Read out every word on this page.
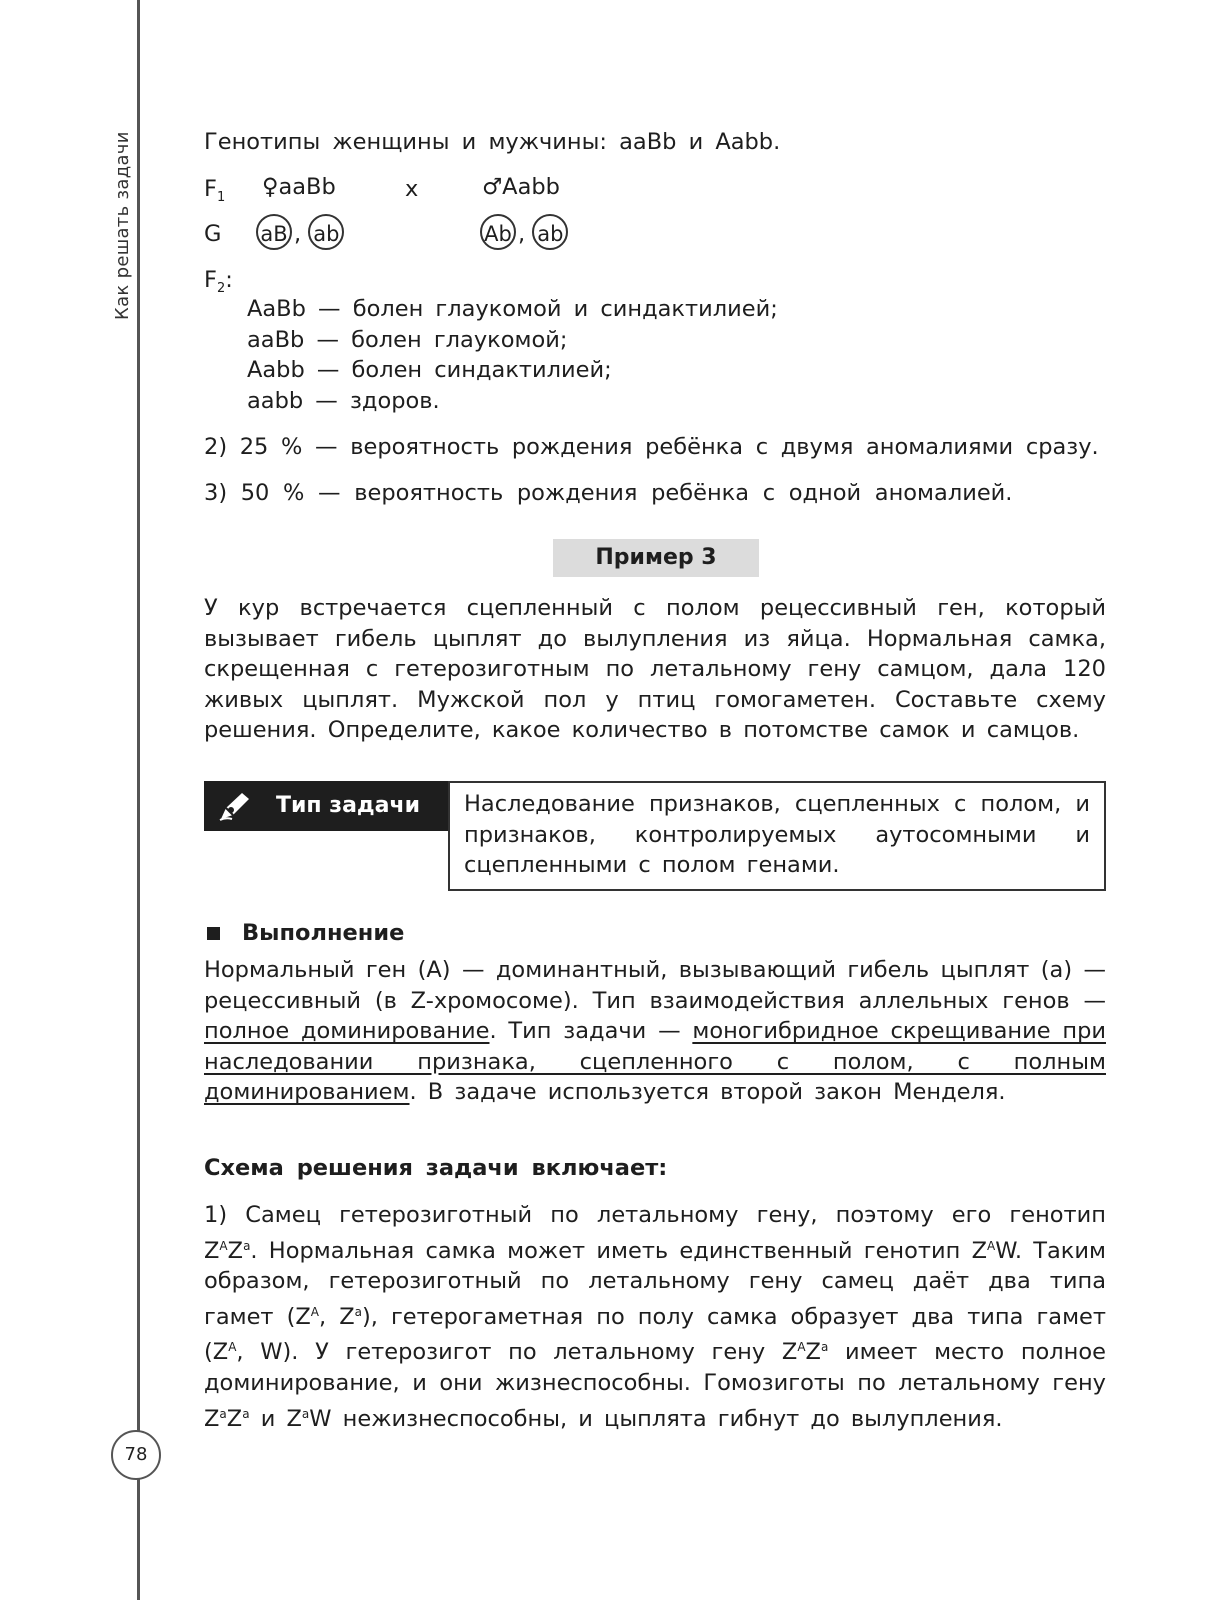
Как решать задачи
78
Генотипы женщины и мужчины: aaBb и Aabb.
$F_1$ ♀aaBb	x	♂Aabb
G aB , ab	Ab , ab
$F_2$:
AaBb — болен глаукомой и синдактилией;
aaBb — болен глаукомой;
Aabb — болен синдактилией;
aabb — здоров.
2) 25 % — вероятность рождения ребёнка с двумя аномалиями сразу.
3) 50 % — вероятность рождения ребёнка с одной аномалией.
Пример 3
У кур встречается сцепленный с полом рецессивный ген, который вызывает гибель цыплят до вылупления из яйца. Нормальная самка, скрещенная с гетерозиготным по летальному гену самцом, дала 120 живых цыплят. Мужской пол у птиц гомогаметен. Составьте схему решения. Определите, какое количество в потомстве самок и самцов.
Тип задачи	Наследование признаков, сцепленных с полом, и признаков, контролируемых аутосомными и сцепленными с полом генами.
Выполнение
Нормальный ген (А) — доминантный, вызывающий гибель цыплят (а) — рецессивный (в Z-хромосоме). Тип взаимодействия аллельных генов — полное доминирование. Тип задачи — моногибридное скрещивание при наследовании признака, сцепленного с полом, с полным доминированием. В задаче используется второй закон Менделя.
Схема решения задачи включает:
1) Самец гетерозиготный по летальному гену, поэтому его генотип $Z^AZ^a$. Нормальная самка может иметь единственный генотип $Z^AW$. Таким образом, гетерозиготный по летальному гену самец даёт два типа гамет ($Z^A$, $Z^a$), гетерогаметная по полу самка образует два типа гамет ($Z^A$, W). У гетерозигот по летальному гену $Z^AZ^a$ имеет место полное доминирование, и они жизнеспособны. Гомозиготы по летальному гену $Z^aZ^a$ и $Z^aW$ нежизнеспособны, и цыплята гибнут до вылупления.
